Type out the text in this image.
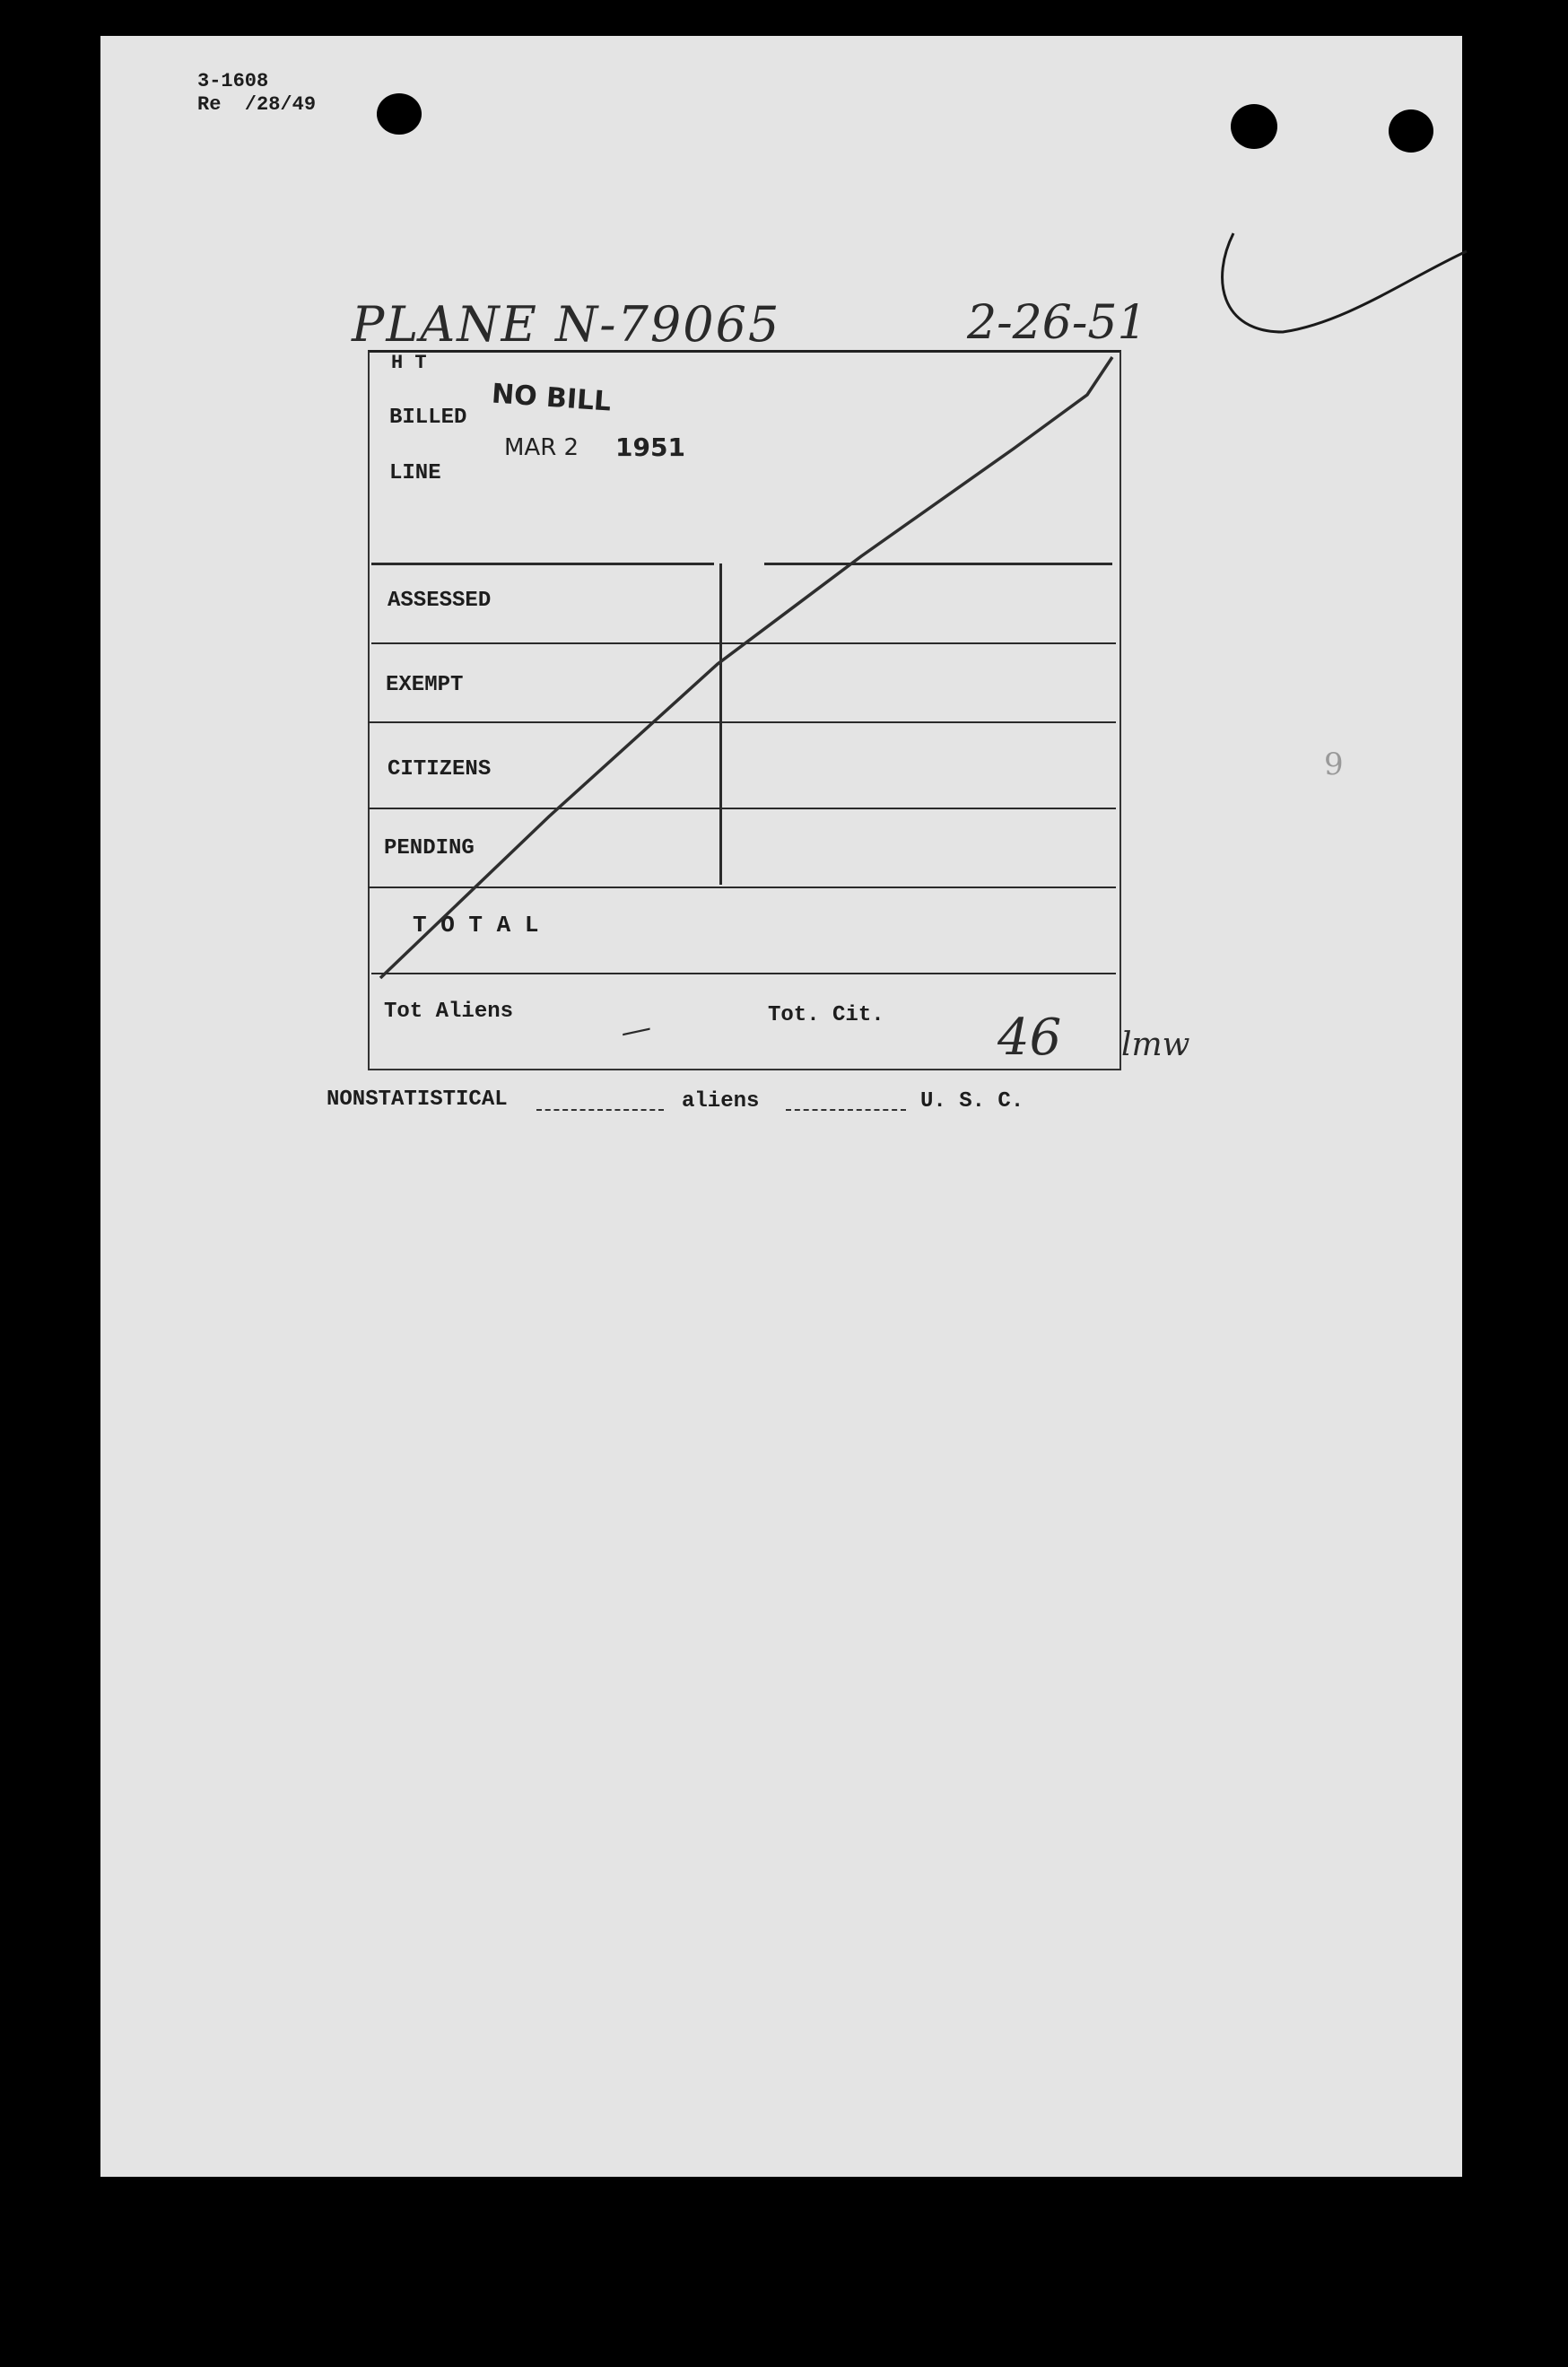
3-1608
Re  /28/49
PLANE N-79065	2-26-51
H T
BILLED
LINE
NO BILL
MAR 2 1951
ASSESSED
EXEMPT
CITIZENS
PENDING
T O T A L
Tot Aliens	Tot. Cit.
—	46 lmw
NONSTATISTICAL	aliens	U. S. C.
9
